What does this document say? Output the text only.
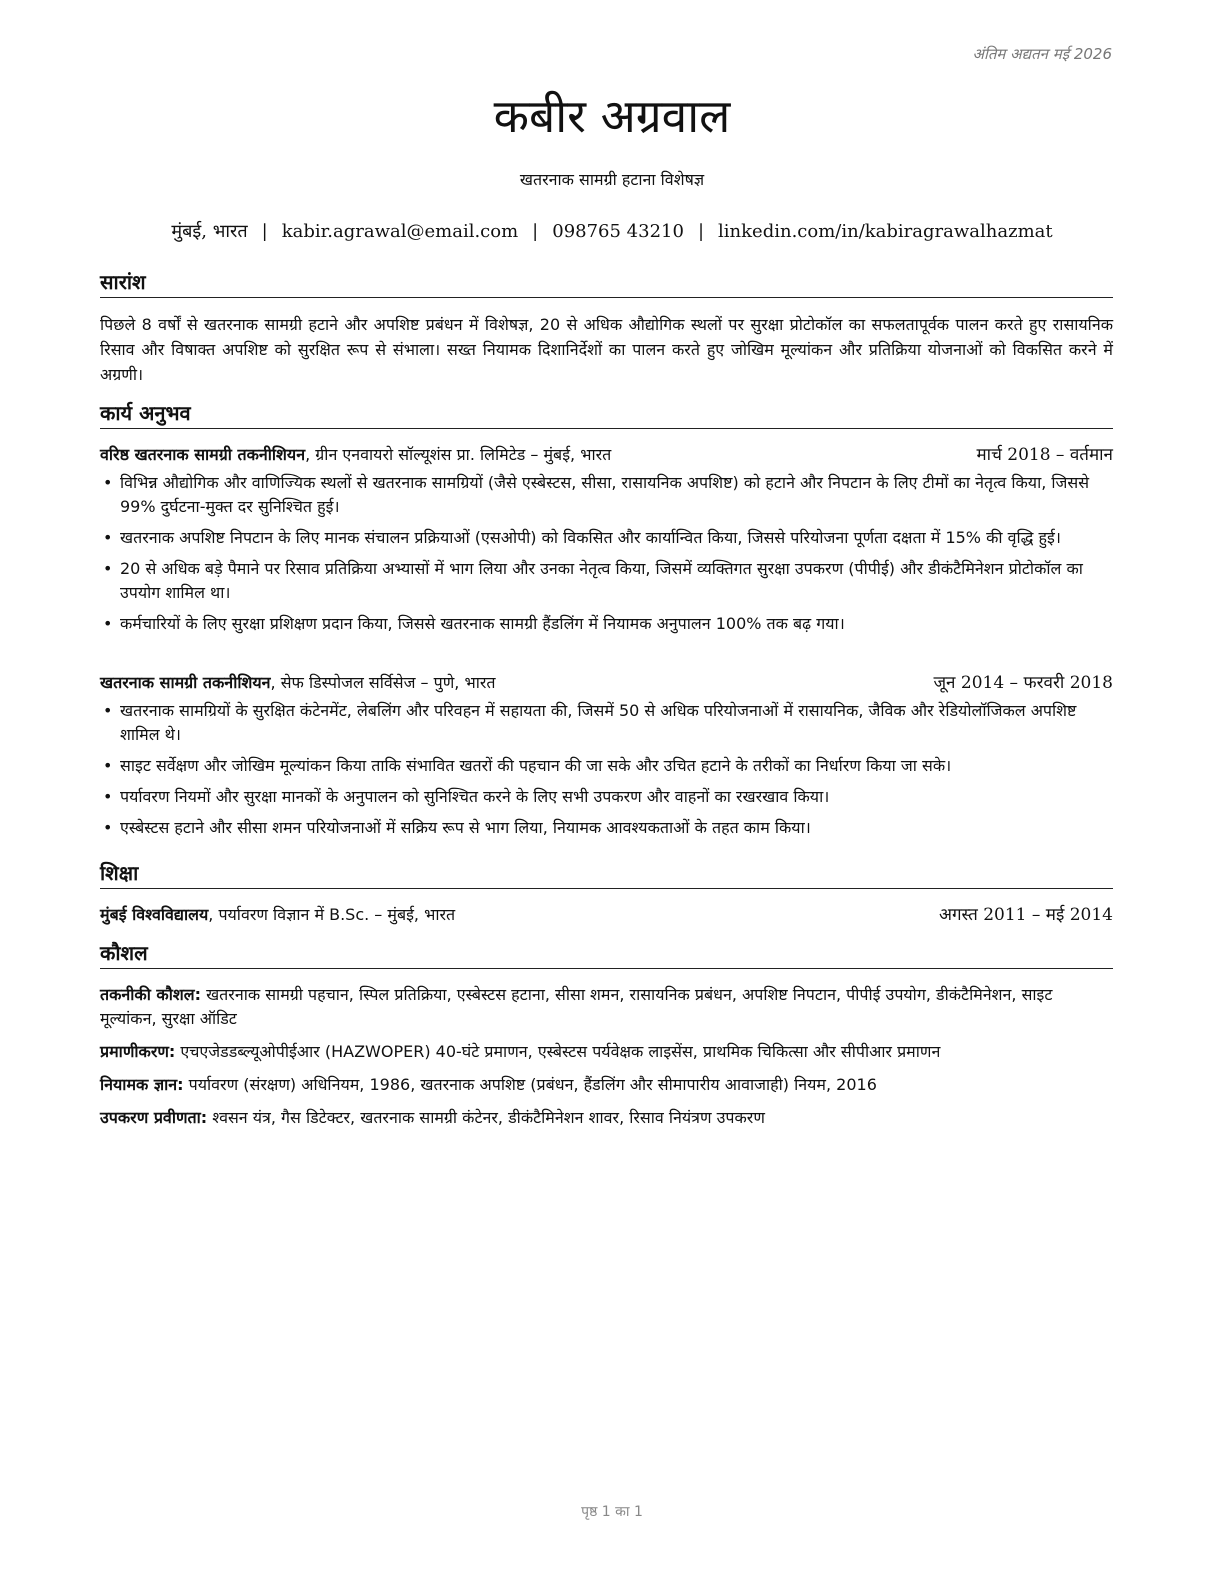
अंतिम अद्यतन मई 2026
कबीर अग्रवाल
खतरनाक सामग्री हटाना विशेषज्ञ
मुंबई, भारत | kabir.agrawal@email.com | 098765 43210 | linkedin.com/in/kabiragrawalhazmat
सारांश

पिछले 8 वर्षों से खतरनाक सामग्री हटाने और अपशिष्ट प्रबंधन में विशेषज्ञ, 20 से अधिक औद्योगिक स्थलों पर सुरक्षा प्रोटोकॉल का सफलतापूर्वक पालन करते हुए रासायनिक रिसाव और विषाक्त अपशिष्ट को सुरक्षित रूप से संभाला। सख्त नियामक दिशानिर्देशों का पालन करते हुए जोखिम मूल्यांकन और प्रतिक्रिया योजनाओं को विकसित करने में अग्रणी।

कार्य अनुभव
वरिष्ठ खतरनाक सामग्री तकनीशियन, ग्रीन एनवायरो सॉल्यूशंस प्रा. लिमिटेड – मुंबई, भारत	मार्च 2018 – वर्तमान
• विभिन्न औद्योगिक और वाणिज्यिक स्थलों से खतरनाक सामग्रियों (जैसे एस्बेस्टस, सीसा, रासायनिक अपशिष्ट) को हटाने और निपटान के लिए टीमों का नेतृत्व किया, जिससे 99% दुर्घटना-मुक्त दर सुनिश्चित हुई।
• खतरनाक अपशिष्ट निपटान के लिए मानक संचालन प्रक्रियाओं (एसओपी) को विकसित और कार्यान्वित किया, जिससे परियोजना पूर्णता दक्षता में 15% की वृद्धि हुई।
• 20 से अधिक बड़े पैमाने पर रिसाव प्रतिक्रिया अभ्यासों में भाग लिया और उनका नेतृत्व किया, जिसमें व्यक्तिगत सुरक्षा उपकरण (पीपीई) और डीकंटैमिनेशन प्रोटोकॉल का उपयोग शामिल था।
• कर्मचारियों के लिए सुरक्षा प्रशिक्षण प्रदान किया, जिससे खतरनाक सामग्री हैंडलिंग में नियामक अनुपालन 100% तक बढ़ गया।
खतरनाक सामग्री तकनीशियन, सेफ डिस्पोजल सर्विसेज – पुणे, भारत	जून 2014 – फरवरी 2018
• खतरनाक सामग्रियों के सुरक्षित कंटेनमेंट, लेबलिंग और परिवहन में सहायता की, जिसमें 50 से अधिक परियोजनाओं में रासायनिक, जैविक और रेडियोलॉजिकल अपशिष्ट शामिल थे।
• साइट सर्वेक्षण और जोखिम मूल्यांकन किया ताकि संभावित खतरों की पहचान की जा सके और उचित हटाने के तरीकों का निर्धारण किया जा सके।
• पर्यावरण नियमों और सुरक्षा मानकों के अनुपालन को सुनिश्चित करने के लिए सभी उपकरण और वाहनों का रखरखाव किया।
• एस्बेस्टस हटाने और सीसा शमन परियोजनाओं में सक्रिय रूप से भाग लिया, नियामक आवश्यकताओं के तहत काम किया।
शिक्षा
मुंबई विश्वविद्यालय, पर्यावरण विज्ञान में B.Sc. – मुंबई, भारत	अगस्त 2011 – मई 2014
कौशल
तकनीकी कौशल: खतरनाक सामग्री पहचान, स्पिल प्रतिक्रिया, एस्बेस्टस हटाना, सीसा शमन, रासायनिक प्रबंधन, अपशिष्ट निपटान, पीपीई उपयोग, डीकंटैमिनेशन, साइट मूल्यांकन, सुरक्षा ऑडिट
प्रमाणीकरण: एचएजेडडब्ल्यूओपीईआर (HAZWOPER) 40-घंटे प्रमाणन, एस्बेस्टस पर्यवेक्षक लाइसेंस, प्राथमिक चिकित्सा और सीपीआर प्रमाणन
नियामक ज्ञान: पर्यावरण (संरक्षण) अधिनियम, 1986, खतरनाक अपशिष्ट (प्रबंधन, हैंडलिंग और सीमापारीय आवाजाही) नियम, 2016
उपकरण प्रवीणता: श्वसन यंत्र, गैस डिटेक्टर, खतरनाक सामग्री कंटेनर, डीकंटैमिनेशन शावर, रिसाव नियंत्रण उपकरण
पृष्ठ 1 का 1
